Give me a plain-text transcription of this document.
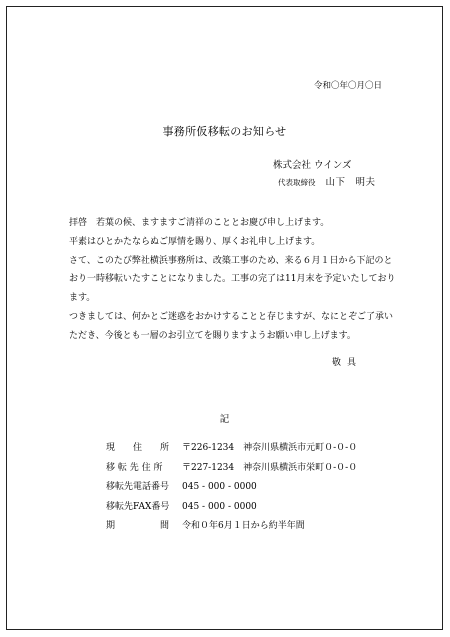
令和〇年〇月〇日
事務所仮移転のお知らせ
株式会社 ウインズ
代表取締役 山下　明夫

拝啓　若葉の候、ますますご清祥のこととお慶び申し上げます。

平素はひとかたならぬご厚情を賜り、厚くお礼申し上げます。

さて、このたび弊社横浜事務所は、改築工事のため、来る６月１日から下記のとおり一時移転いたすことになりました。工事の完了は11月末を予定いたしております。

つきましては、何かとご迷惑をおかけすることと存じますが、なにとぞご了承いただき、今後とも一層のお引立てを賜りますようお願い申し上げます。

敬具
記
現　　住　　所	〒226-1234　神奈川県横浜市元町０-０-０
移 転 先 住 所	〒227-1234　神奈川県横浜市栄町０-０-０
移転先電話番号	045 - 000 - 0000
移転先FAX番号	045 - 000 - 0000
期　　　　　間	令和０年6月１日から約半年間
